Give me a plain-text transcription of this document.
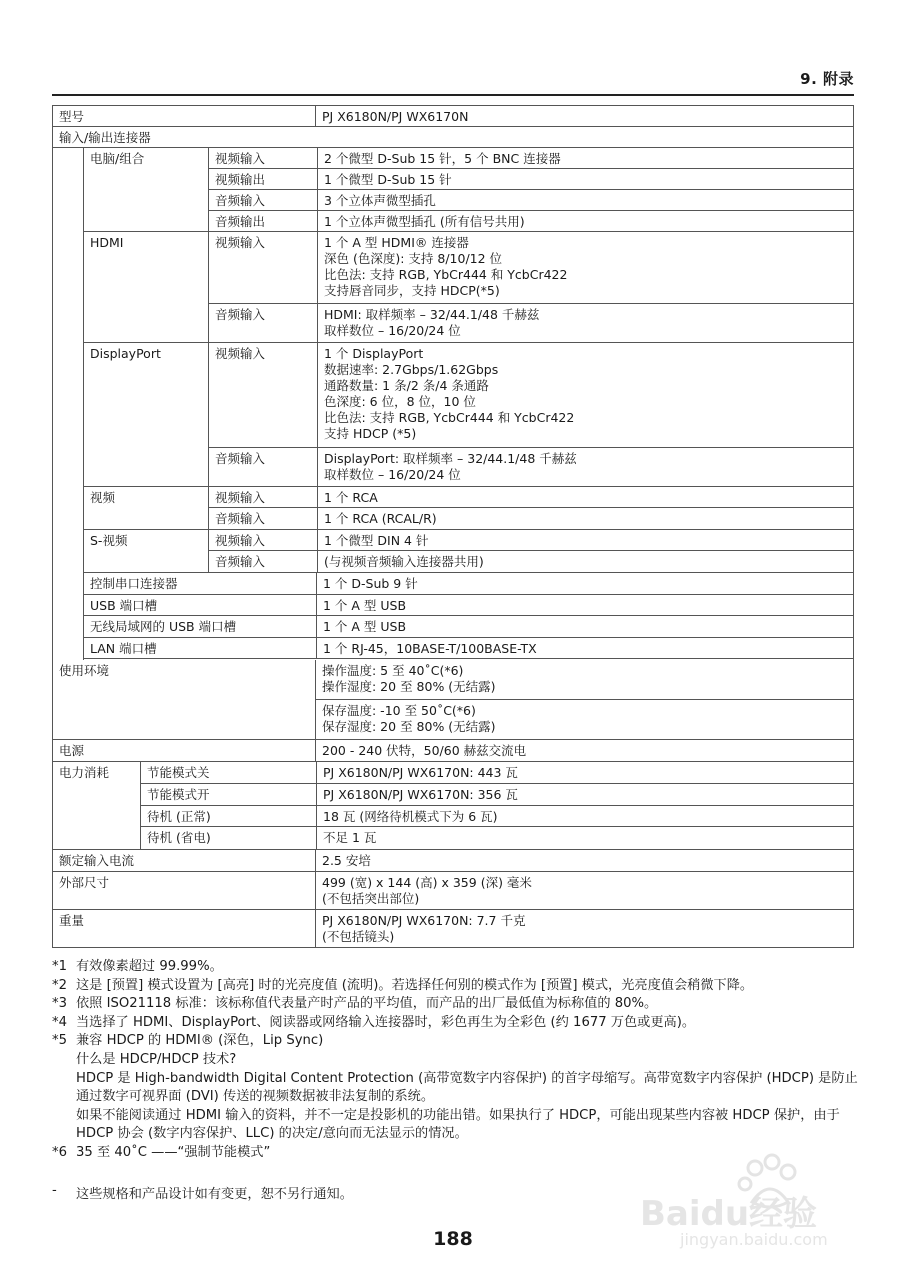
9. 附录
型号	PJ X6180N/PJ WX6170N
输入/输出连接器
电脑/组合	视频输入	2 个微型 D-Sub 15 针，5 个 BNC 连接器
视频输出	1 个微型 D-Sub 15 针
音频输入	3 个立体声微型插孔
音频输出	1 个立体声微型插孔 (所有信号共用)
HDMI	视频输入	1 个 A 型 HDMI® 连接器
深色 (色深度): 支持 8/10/12 位
比色法: 支持 RGB, YbCr444 和 YcbCr422
支持唇音同步，支持 HDCP(*5)
音频输入	HDMI: 取样频率 – 32/44.1/48 千赫兹
取样数位 – 16/20/24 位
DisplayPort	视频输入	1 个 DisplayPort
数据速率: 2.7Gbps/1.62Gbps
通路数量: 1 条/2 条/4 条通路
色深度: 6 位，8 位，10 位
比色法: 支持 RGB, YcbCr444 和 YcbCr422
支持 HDCP (*5)
音频输入	DisplayPort: 取样频率 – 32/44.1/48 千赫兹
取样数位 – 16/20/24 位
视频	视频输入	1 个 RCA
音频输入	1 个 RCA (RCAL/R)
S-视频	视频输入	1 个微型 DIN 4 针
音频输入	(与视频音频输入连接器共用)
控制串口连接器	1 个 D-Sub 9 针
USB 端口槽	1 个 A 型 USB
无线局域网的 USB 端口槽	1 个 A 型 USB
LAN 端口槽	1 个 RJ-45，10BASE-T/100BASE-TX
使用环境	操作温度: 5 至 40˚C(*6)
操作湿度: 20 至 80% (无结露)
保存温度: -10 至 50˚C(*6)
保存湿度: 20 至 80% (无结露)
电源	200 - 240 伏特，50/60 赫兹交流电
电力消耗	节能模式关	PJ X6180N/PJ WX6170N: 443 瓦
节能模式开	PJ X6180N/PJ WX6170N: 356 瓦
待机 (正常)	18 瓦 (网络待机模式下为 6 瓦)
待机 (省电)	不足 1 瓦
额定输入电流	2.5 安培
外部尺寸	499 (宽) x 144 (高) x 359 (深) 毫米
(不包括突出部位)
重量	PJ X6180N/PJ WX6170N: 7.7 千克
(不包括镜头)
*1 有效像素超过 99.99%。
*2 这是 [预置] 模式设置为 [高亮] 时的光亮度值 (流明)。若选择任何别的模式作为 [预置] 模式，光亮度值会稍微下降。
*3 依照 ISO21118 标准：该标称值代表量产时产品的平均值，而产品的出厂最低值为标称值的 80%。
*4 当选择了 HDMI、DisplayPort、阅读器或网络输入连接器时，彩色再生为全彩色 (约 1677 万色或更高)。
*5 兼容 HDCP 的 HDMI® (深色，Lip Sync)
什么是 HDCP/HDCP 技术?
HDCP 是 High-bandwidth Digital Content Protection (高带宽数字内容保护) 的首字母缩写。高带宽数字内容保护 (HDCP) 是防止通过数字可视界面 (DVI) 传送的视频数据被非法复制的系统。
如果不能阅读通过 HDMI 输入的资料，并不一定是投影机的功能出错。如果执行了 HDCP，可能出现某些内容被 HDCP 保护，由于 HDCP 协会 (数字内容保护、LLC) 的决定/意向而无法显示的情况。
*6 35 至 40˚C ——“强制节能模式”
-	这些规格和产品设计如有变更，恕不另行通知。
188
Baidu经验
jingyan.baidu.com
